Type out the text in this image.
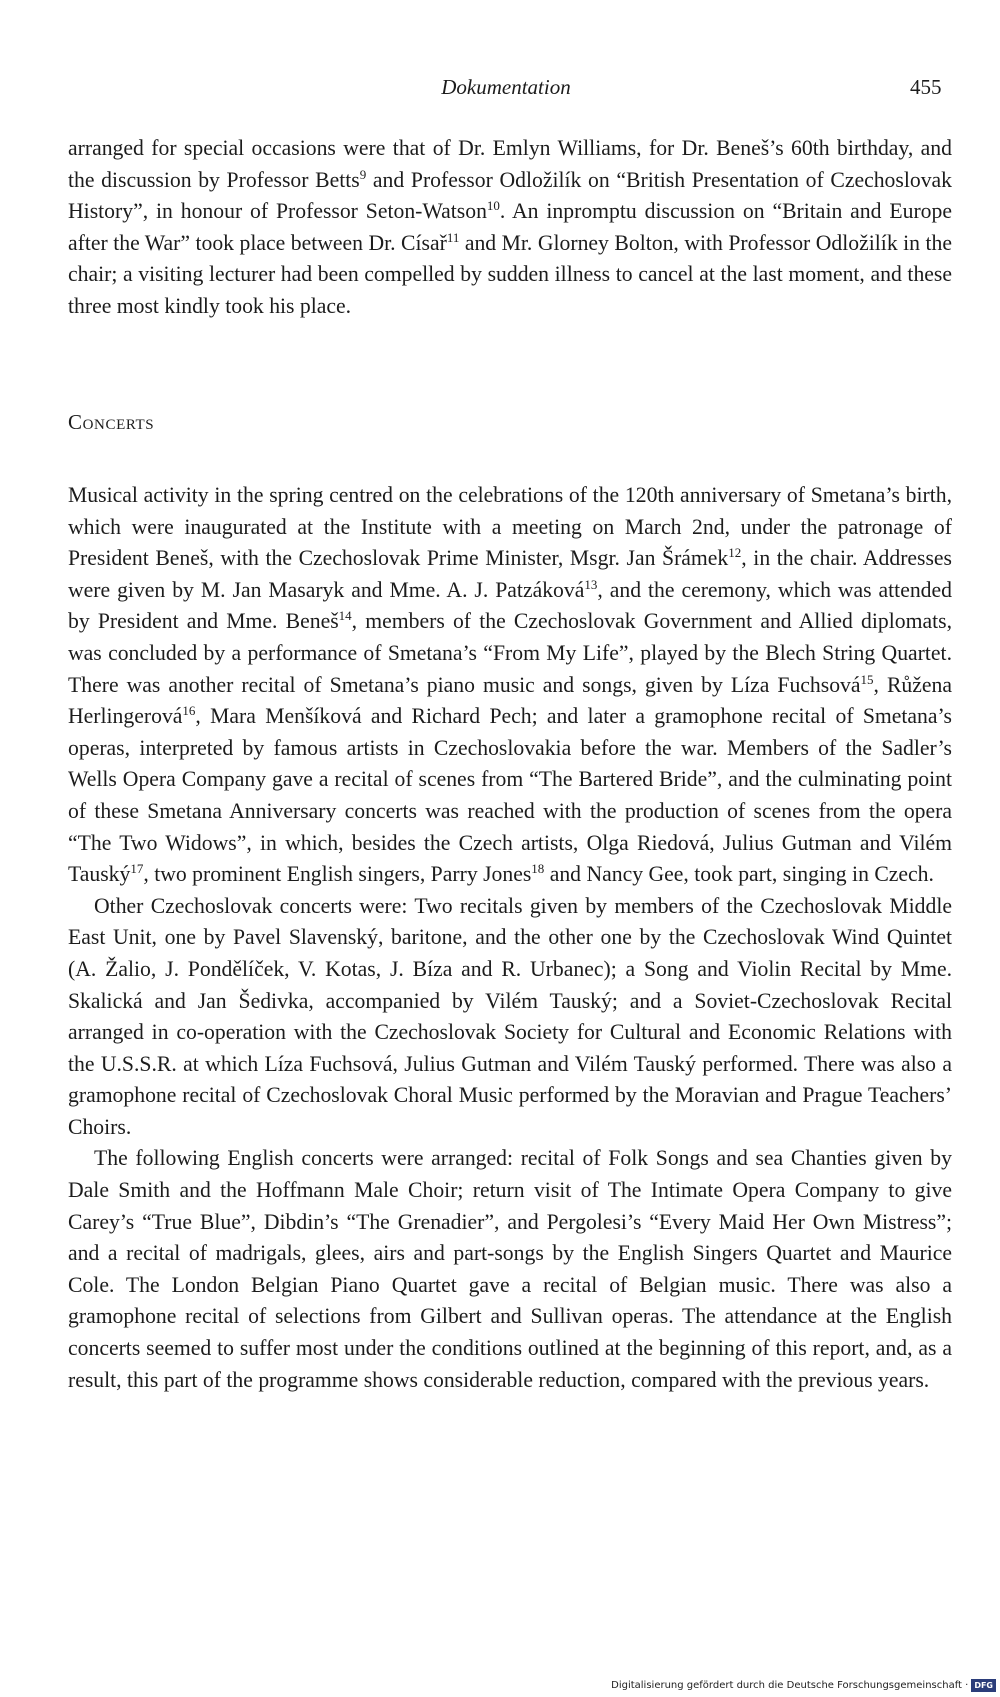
Dokumentation	455

arranged for special occasions were that of Dr. Emlyn Williams, for Dr. Beneš’s 60th birthday, and the discussion by Professor Betts$^9$ and Professor Odložilík on “British Presentation of Czechoslovak History”, in honour of Professor Seton-Watson$^{10}$. An inpromptu discussion on “Britain and Europe after the War” took place between Dr. Císař$^{11}$ and Mr. Glorney Bolton, with Professor Odložilík in the chair; a visiting lecturer had been compelled by sudden illness to cancel at the last moment, and these three most kindly took his place.

Concerts

Musical activity in the spring centred on the celebrations of the 120th anniversary of Smetana’s birth, which were inaugurated at the Institute with a meeting on March 2nd, under the patronage of President Beneš, with the Czechoslovak Prime Minister, Msgr. Jan Šrámek$^{12}$, in the chair. Addresses were given by M. Jan Masaryk and Mme. A. J. Patzáková$^{13}$, and the ceremony, which was attended by President and Mme. Beneš$^{14}$, members of the Czechoslovak Government and Allied diplomats, was concluded by a performance of Smetana’s “From My Life”, played by the Blech String Quartet. There was another recital of Smetana’s piano music and songs, given by Líza Fuchsová$^{15}$, Růžena Herlingerová$^{16}$, Mara Menšíková and Richard Pech; and later a gramophone recital of Smetana’s operas, interpreted by famous artists in Czechoslovakia before the war. Members of the Sadler’s Wells Opera Company gave a recital of scenes from “The Bartered Bride”, and the culminating point of these Smetana Anniversary concerts was reached with the production of scenes from the opera “The Two Widows”, in which, besides the Czech artists, Olga Riedová, Julius Gutman and Vilém Tauský$^{17}$, two prominent English singers, Parry Jones$^{18}$ and Nancy Gee, took part, singing in Czech.

Other Czechoslovak concerts were: Two recitals given by members of the Czechoslovak Middle East Unit, one by Pavel Slavenský, baritone, and the other one by the Czechoslovak Wind Quintet (A. Žalio, J. Pondělíček, V. Kotas, J. Bíza and R. Urbanec); a Song and Violin Recital by Mme. Skalická and Jan Šedivka, accompanied by Vilém Tauský; and a Soviet-Czechoslovak Recital arranged in co-operation with the Czechoslovak Society for Cultural and Economic Relations with the U.S.S.R. at which Líza Fuchsová, Julius Gutman and Vilém Tauský performed. There was also a gramophone recital of Czechoslovak Choral Music performed by the Moravian and Prague Teachers’ Choirs.

The following English concerts were arranged: recital of Folk Songs and sea Chanties given by Dale Smith and the Hoffmann Male Choir; return visit of The Intimate Opera Company to give Carey’s “True Blue”, Dibdin’s “The Grenadier”, and Pergolesi’s “Every Maid Her Own Mistress”; and a recital of madrigals, glees, airs and part-songs by the English Singers Quartet and Maurice Cole. The London Belgian Piano Quartet gave a recital of Belgian music. There was also a gramophone recital of selections from Gilbert and Sullivan operas. The attendance at the English concerts seemed to suffer most under the conditions outlined at the beginning of this report, and, as a result, this part of the programme shows considerable reduction, compared with the previous years.

Digitalisierung gefördert durch die Deutsche Forschungsgemeinschaft · DFG
